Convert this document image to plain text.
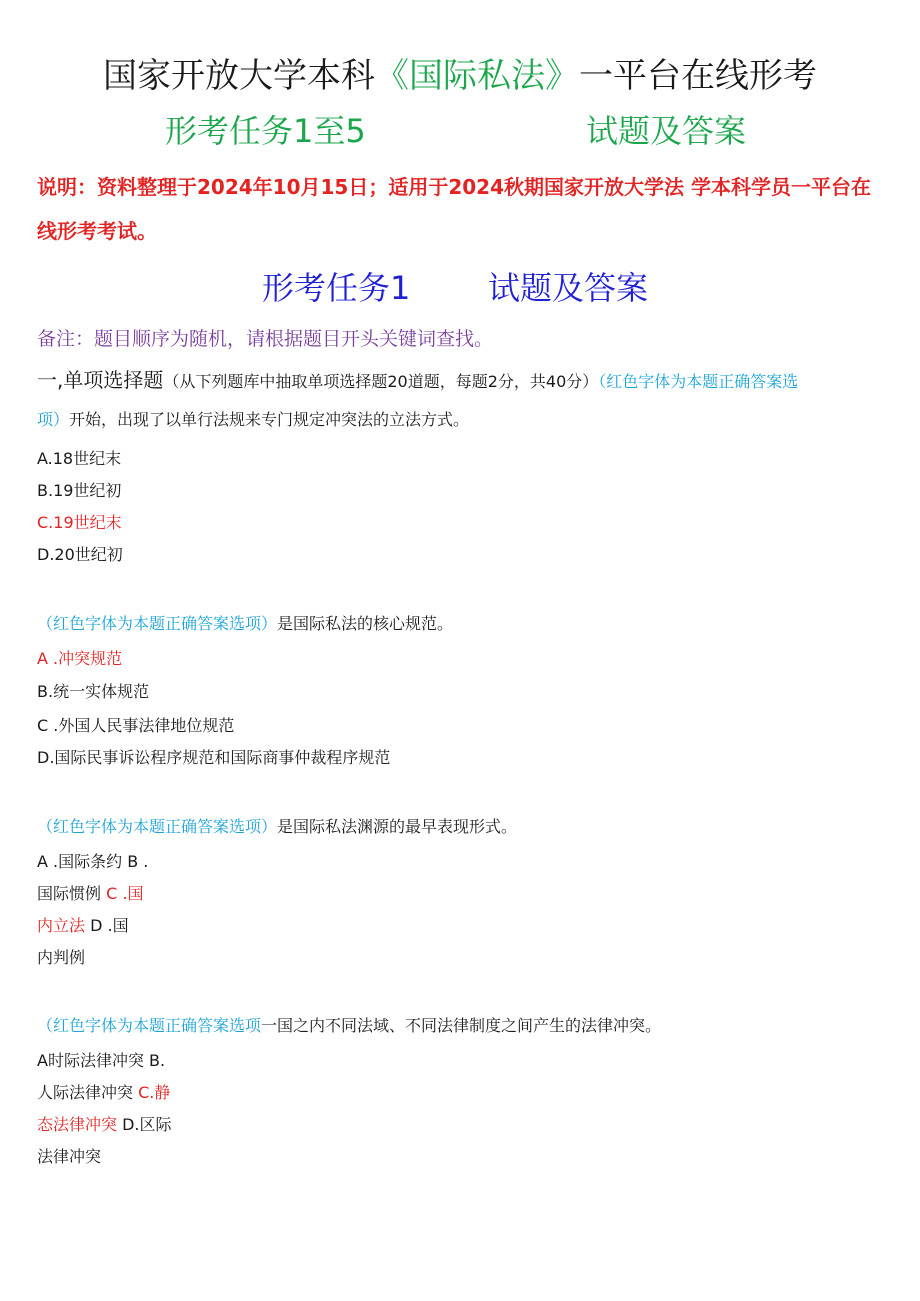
国家开放大学本科《国际私法》一平台在线形考
形考任务1至5	试题及答案
说明：资料整理于2024年10月15日；适用于2024秋期国家开放大学法 学本科学员一平台在线形考考试。
形考任务1 试题及答案
备注：题目顺序为随机，请根据题目开头关键词查找。
一,单项选择题（从下列题库中抽取单项选择题20道题，每题2分，共40分）（红色字体为本题正确答案选
项）开始，出现了以单行法规来专门规定冲突法的立法方式。
A.18世纪末
B.19世纪初
C.19世纪末
D.20世纪初
（红色字体为本题正确答案选项）是国际私法的核心规范。
A .冲突规范
B.统一实体规范
C .外国人民事法律地位规范
D.国际民事诉讼程序规范和国际商事仲裁程序规范
（红色字体为本题正确答案选项）是国际私法渊源的最早表现形式。
A .国际条约 B .
国际惯例 C .国
内立法 D .国
内判例
（红色字体为本题正确答案选项一国之内不同法域、不同法律制度之间产生的法律冲突。
A时际法律冲突 B.
人际法律冲突 C.静
态法律冲突 D.区际
法律冲突
